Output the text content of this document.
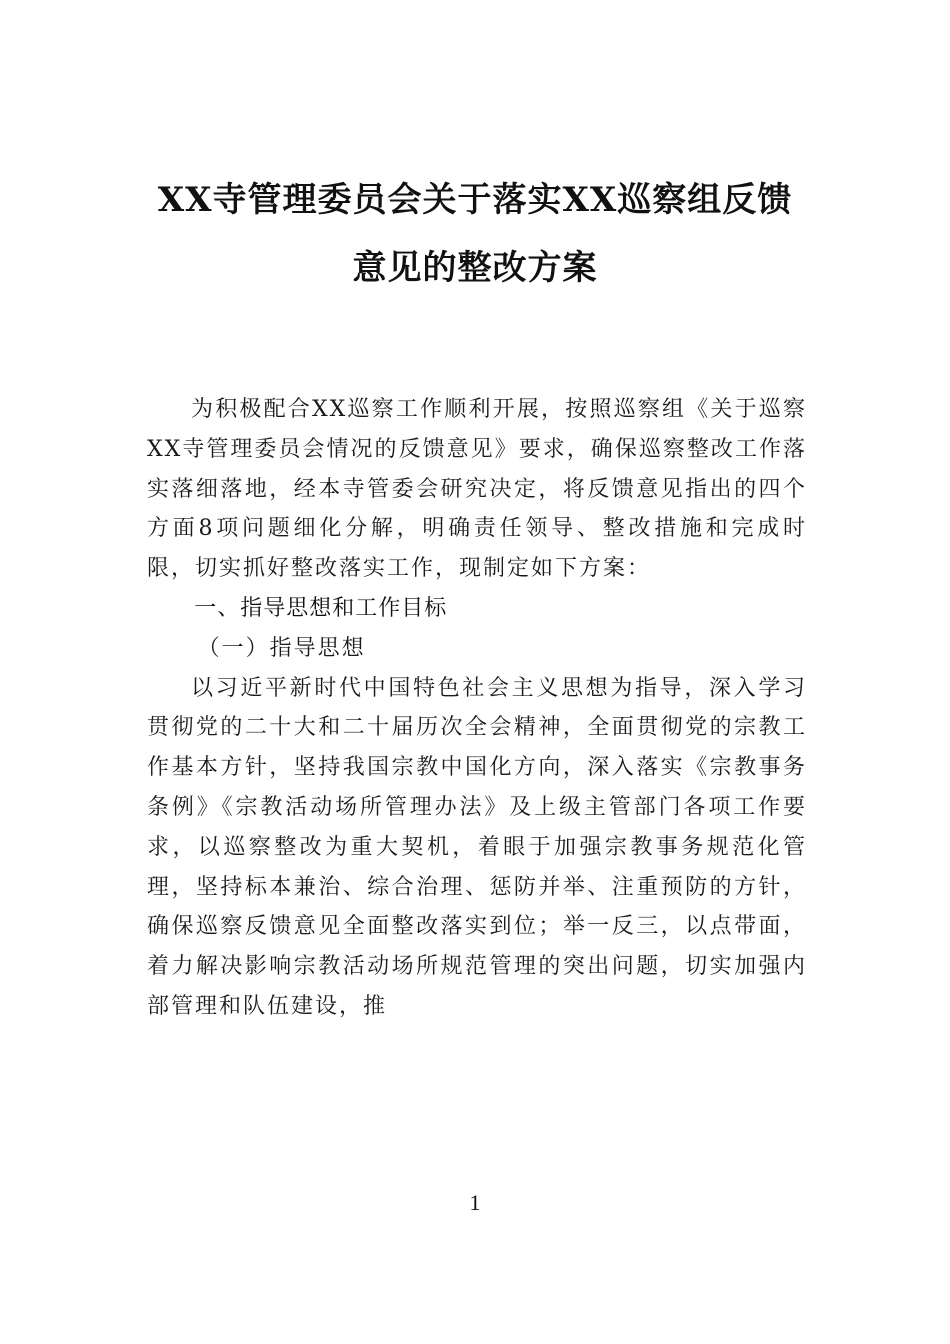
XX寺管理委员会关于落实XX巡察组反馈
意见的整改方案

为积极配合XX巡察工作顺利开展，按照巡察组《关于巡察XX寺管理委员会情况的反馈意见》要求，确保巡察整改工作落实落细落地，经本寺管委会研究决定，将反馈意见指出的四个方面8项问题细化分解，明确责任领导、整改措施和完成时限，切实抓好整改落实工作，现制定如下方案：

一、指导思想和工作目标

（一）指导思想

以习近平新时代中国特色社会主义思想为指导，深入学习贯彻党的二十大和二十届历次全会精神，全面贯彻党的宗教工作基本方针，坚持我国宗教中国化方向，深入落实《宗教事务条例》《宗教活动场所管理办法》及上级主管部门各项工作要求，以巡察整改为重大契机，着眼于加强宗教事务规范化管理，坚持标本兼治、综合治理、惩防并举、注重预防的方针，确保巡察反馈意见全面整改落实到位；举一反三，以点带面，着力解决影响宗教活动场所规范管理的突出问题，切实加强内部管理和队伍建设，推

1
